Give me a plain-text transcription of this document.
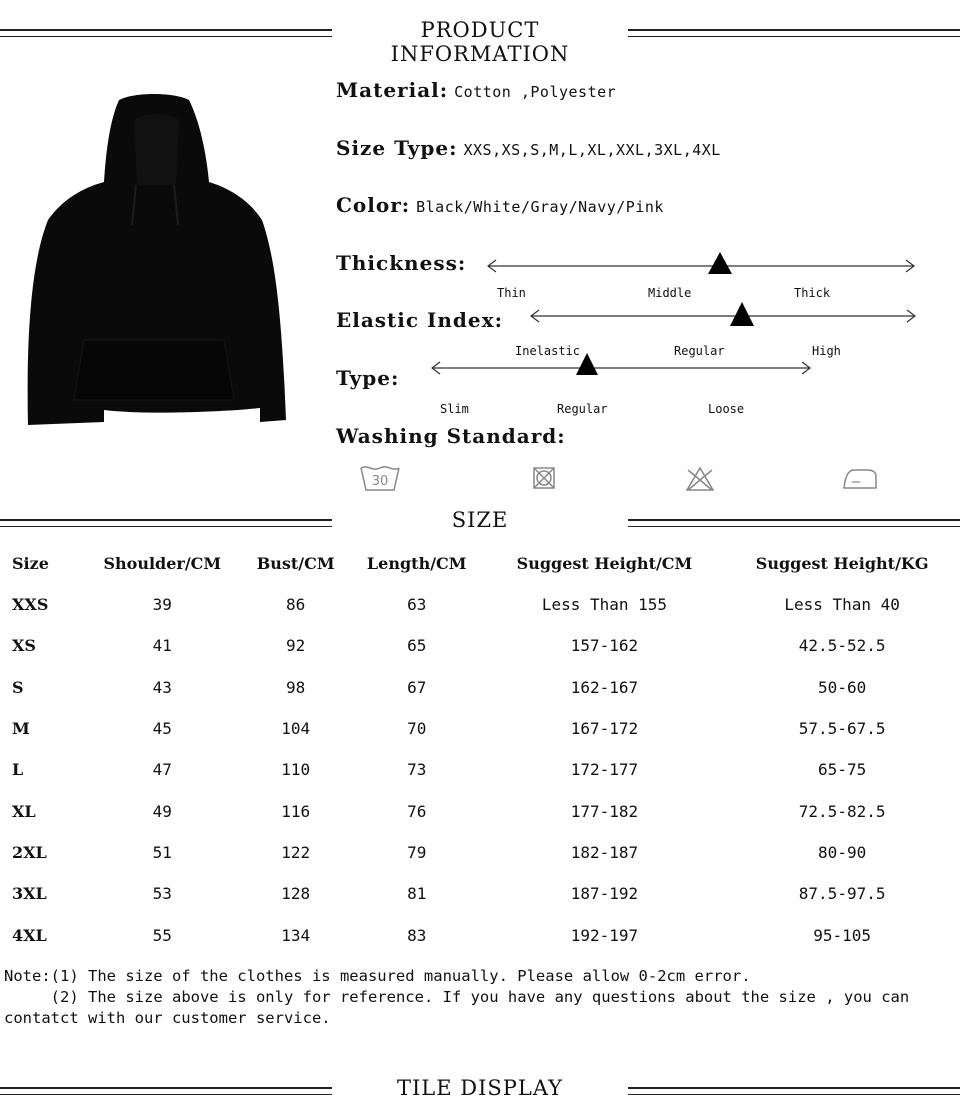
PRODUCT INFORMATION
Material: Cotton ,Polyester
Size Type: XXS,XS,S,M,L,XL,XXL,3XL,4XL
Color: Black/White/Gray/Navy/Pink
Thickness:
Elastic Index:
Type:
Washing Standard:
Thin	Middle	Thick
Inelastic	Regular	High
Slim	Regular	Loose
30
SIZE
Size	Shoulder/CM	Bust/CM	Length/CM	Suggest Height/CM	Suggest Height/KG
XXS	39	86	63	Less Than 155	Less Than 40
XS	41	92	65	157-162	42.5-52.5
S	43	98	67	162-167	50-60
M	45	104	70	167-172	57.5-67.5
L	47	110	73	172-177	65-75
XL	49	116	76	177-182	72.5-82.5
2XL	51	122	79	182-187	80-90
3XL	53	128	81	187-192	87.5-97.5
4XL	55	134	83	192-197	95-105
Note:(1) The size of the clothes is measured manually. Please allow 0-2cm error.
(2) The size above is only for reference. If you have any questions about the size , you can contatct with our customer service.
TILE DISPLAY
